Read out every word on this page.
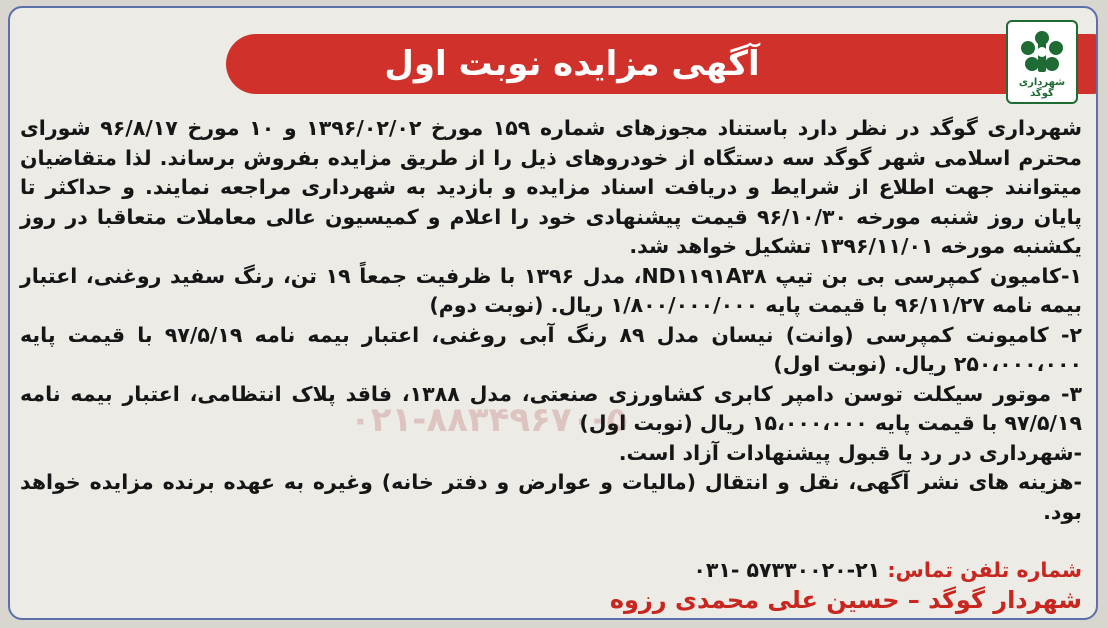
آگهی مزایده نوبت اول	شهرداری گوگد
۰۲۱-۸۸۳۴۹۶۷۰-۵

شهرداری گوگد در نظر دارد باستناد مجوزهای شماره ۱۵۹ مورخ ۱۳۹۶/۰۲/۰۲ و ۱۰ مورخ ۹۶/۸/۱۷ شورای محترم اسلامی شهر گوگد سه دستگاه از خودروهای ذیل را از طریق مزایده بفروش برساند. لذا متقاضیان میتوانند جهت اطلاع از شرایط و دریافت اسناد مزایده و بازدید به شهرداری مراجعه نمایند. و حداکثر تا پایان روز شنبه مورخه ۹۶/۱۰/۳۰ قیمت پیشنهادی خود را اعلام و کمیسیون عالی معاملات متعاقبا در روز یکشنبه مورخه ۱۳۹۶/۱۱/۰۱ تشکیل خواهد شد.

۱-کامیون کمپرسی بی بن تیپ ND۱۱۹۱A۳۸، مدل ۱۳۹۶ با ظرفیت جمعاً ۱۹ تن، رنگ سفید روغنی، اعتبار بیمه نامه ۹۶/۱۱/۲۷ با قیمت پایه ۱/۸۰۰/۰۰۰/۰۰۰ ریال. (نوبت دوم)

۲- کامیونت کمپرسی (وانت) نیسان مدل ۸۹ رنگ آبی روغنی، اعتبار بیمه نامه ۹۷/۵/۱۹ با قیمت پایه ۲۵۰،۰۰۰،۰۰۰ ریال. (نوبت اول)

۳- موتور سیکلت توسن دامپر کابری کشاورزی صنعتی، مدل ۱۳۸۸، فاقد پلاک انتظامی، اعتبار بیمه نامه ۹۷/۵/۱۹ با قیمت پایه ۱۵،۰۰۰،۰۰۰ ریال (نوبت اول)

-شهرداری در رد یا قبول پیشنهادات آزاد است.

-هزینه های نشر آگهی، نقل و انتقال (مالیات و عوارض و دفتر خانه) وغیره به عهده برنده مزایده خواهد بود.

شماره تلفن تماس: ۲۱-۵۷۳۳۰۰۲۰ -۰۳۱
شهردار گوگد – حسین علی محمدی رزوه
